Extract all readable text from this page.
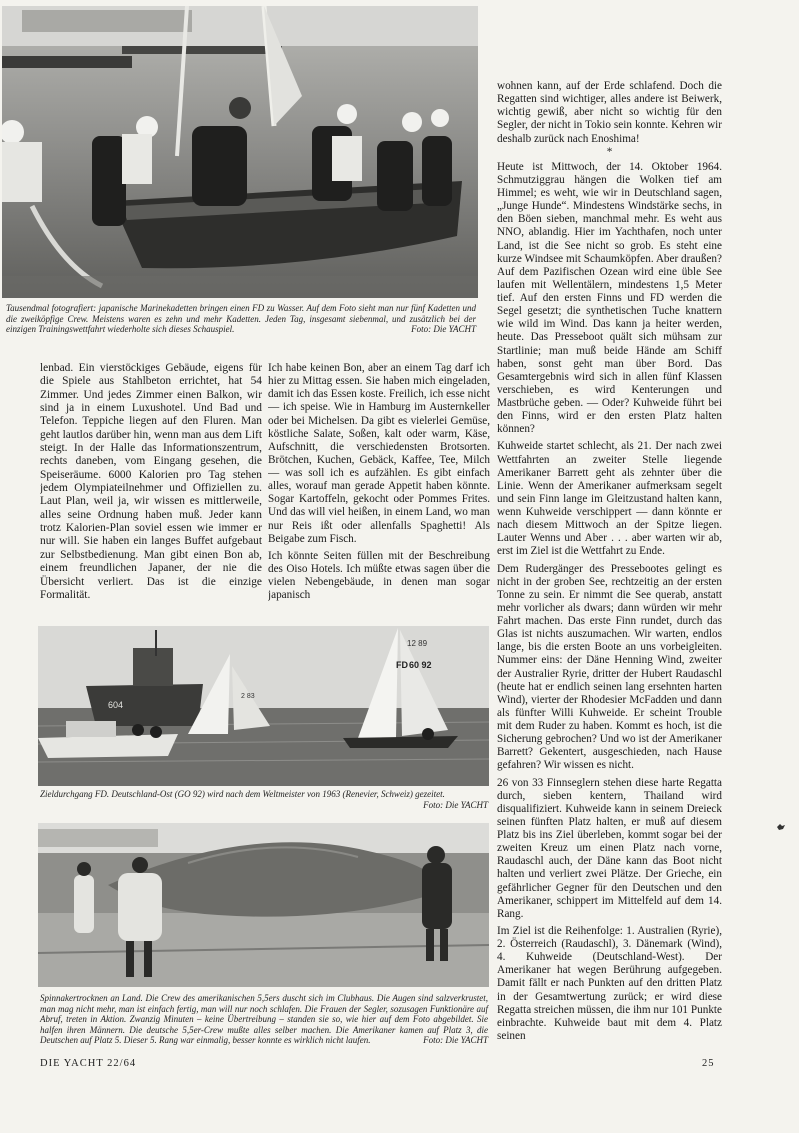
Tausendmal fotografiert: japanische Marinekadetten bringen einen FD zu Wasser. Auf dem Foto sieht man nur fünf Kadetten und die zweiköpfige Crew. Meistens waren es zehn und mehr Kadetten. Jeden Tag, insgesamt siebenmal, und zusätzlich bei der einzigen Trainingswettfahrt wiederholte sich dieses Schauspiel.	Foto: Die YACHT

lenbad. Ein vierstöckiges Gebäude, eigens für die Spiele aus Stahlbeton errichtet, hat 54 Zimmer. Und jedes Zimmer einen Balkon, wir sind ja in einem Luxushotel. Und Bad und Telefon. Teppiche liegen auf den Fluren. Man geht lautlos darüber hin, wenn man aus dem Lift steigt. In der Halle das Informationszentrum, rechts daneben, vom Eingang gesehen, die Speiseräume. 6000 Kalorien pro Tag stehen jedem Olympiateilnehmer und Offiziellen zu. Laut Plan, weil ja, wir wissen es mittlerweile, alles seine Ordnung haben muß. Jeder kann trotz Kalorien-Plan soviel essen wie immer er nur will. Sie haben ein langes Buffet aufgebaut zur Selbstbedienung. Man gibt einen Bon ab, einem freundlichen Japaner, der nie die Übersicht verliert. Das ist die einzige Formalität.

Ich habe keinen Bon, aber an einem Tag darf ich hier zu Mittag essen. Sie haben mich eingeladen, damit ich das Essen koste. Freilich, ich esse nicht — ich speise. Wie in Hamburg im Austernkeller oder bei Michelsen. Da gibt es vielerlei Gemüse, köstliche Salate, Soßen, kalt oder warm, Käse, Aufschnitt, die verschiedensten Brotsorten. Brötchen, Kuchen, Gebäck, Kaffee, Tee, Milch — was soll ich es aufzählen. Es gibt einfach alles, worauf man gerade Appetit haben könnte. Sogar Kartoffeln, gekocht oder Pommes Frites. Und das will viel heißen, in einem Land, wo man nur Reis ißt oder allenfalls Spaghetti! Als Beigabe zum Fisch.

Ich könnte Seiten füllen mit der Beschreibung des Oiso Hotels. Ich müßte etwas sagen über die vielen Nebengebäude, in denen man sogar japanisch

604
2 83
12 89
FD 60 92

Zieldurchgang FD. Deutschland-Ost (GO 92) wird nach dem Weltmeister von 1963 (Renevier, Schweiz) gezeitet.
Foto: Die YACHT

Spinnakertrocknen an Land. Die Crew des amerikanischen 5,5ers duscht sich im Clubhaus. Die Augen sind salzverkrustet, man mag nicht mehr, man ist einfach fertig, man will nur noch schlafen. Die Frauen der Segler, sozusagen Funktionäre auf Abruf, treten in Aktion. Zwanzig Minuten – keine Übertreibung – standen sie so, wie hier auf dem Foto abgebildet. Sie halfen ihren Männern. Die deutsche 5,5er-Crew mußte alles selber machen. Die Amerikaner kamen auf Platz 3, die Deutschen auf Platz 5. Dieser 5. Rang war einmalig, besser konnte es wirklich nicht laufen.	Foto: Die YACHT

wohnen kann, auf der Erde schlafend. Doch die Regatten sind wichtiger, alles andere ist Beiwerk, wichtig gewiß, aber nicht so wichtig für den Segler, der nicht in Tokio sein konnte. Kehren wir deshalb zurück nach Enoshima!

*

Heute ist Mittwoch, der 14. Oktober 1964. Schmutziggrau hängen die Wolken tief am Himmel; es weht, wie wir in Deutschland sagen, „Junge Hunde“. Mindestens Windstärke sechs, in den Böen sieben, manchmal mehr. Es weht aus NNO, ablandig. Hier im Yachthafen, noch unter Land, ist die See nicht so grob. Es steht eine kurze Windsee mit Schaumköpfen. Aber draußen? Auf dem Pazifischen Ozean wird eine üble See laufen mit Wellentälern, mindestens 1,5 Meter tief. Auf den ersten Finns und FD werden die Segel gesetzt; die synthetischen Tuche knattern wie wild im Wind. Das kann ja heiter werden, heute. Das Presseboot quält sich mühsam zur Startlinie; man muß beide Hände am Schiff haben, sonst geht man über Bord. Das Gesamtergebnis wird sich in allen fünf Klassen verschieben, es wird Kenterungen und Mastbrüche geben. — Oder? Kuhweide führt bei den Finns, wird er den ersten Platz halten können?

Kuhweide startet schlecht, als 21. Der nach zwei Wettfahrten an zweiter Stelle liegende Amerikaner Barrett geht als zehnter über die Linie. Wenn der Amerikaner aufmerksam segelt und sein Finn lange im Gleitzustand halten kann, wenn Kuhweide verschippert — dann könnte er nach diesem Mittwoch an der Spitze liegen. Lauter Wenns und Aber . . . aber warten wir ab, erst im Ziel ist die Wettfahrt zu Ende.

Dem Rudergänger des Pressebootes gelingt es nicht in der groben See, rechtzeitig an der ersten Tonne zu sein. Er nimmt die See querab, anstatt mehr vorlicher als dwars; dann würden wir mehr Fahrt machen. Das erste Finn rundet, durch das Glas ist nichts auszumachen. Wir warten, endlos lange, bis die ersten Boote an uns vorbeigleiten. Nummer eins: der Däne Henning Wind, zweiter der Australier Ryrie, dritter der Hubert Raudaschl (heute hat er endlich seinen lang ersehnten harten Wind), vierter der Rhodesier McFadden und dann als fünfter Willi Kuhweide. Er scheint Trouble mit dem Ruder zu haben. Kommt es hoch, ist die Sicherung gebrochen? Und wo ist der Amerikaner Barrett? Gekentert, ausgeschieden, nach Hause gefahren? Wir wissen es nicht.

26 von 33 Finnseglern stehen diese harte Regatta durch, sieben kentern, Thailand wird disqualifiziert. Kuhweide kann in seinem Dreieck seinen fünften Platz halten, er muß auf diesem Platz bis ins Ziel überleben, kommt sogar bei der zweiten Kreuz um einen Platz nach vorne, Raudaschl auch, der Däne kann das Boot nicht halten und verliert zwei Plätze. Der Grieche, ein gefährlicher Gegner für den Deutschen und den Amerikaner, schippert im Mittelfeld auf dem 14. Rang.

Im Ziel ist die Reihenfolge: 1. Australien (Ryrie), 2. Österreich (Raudaschl), 3. Dänemark (Wind), 4. Kuhweide (Deutschland-West). Der Amerikaner hat wegen Berührung aufgegeben. Damit fällt er nach Punkten auf den dritten Platz in der Gesamtwertung zurück; er wird diese Regatta streichen müssen, die ihm nur 101 Punkte einbrachte. Kuhweide baut mit dem 4. Platz seinen

DIE YACHT 22/64	25
